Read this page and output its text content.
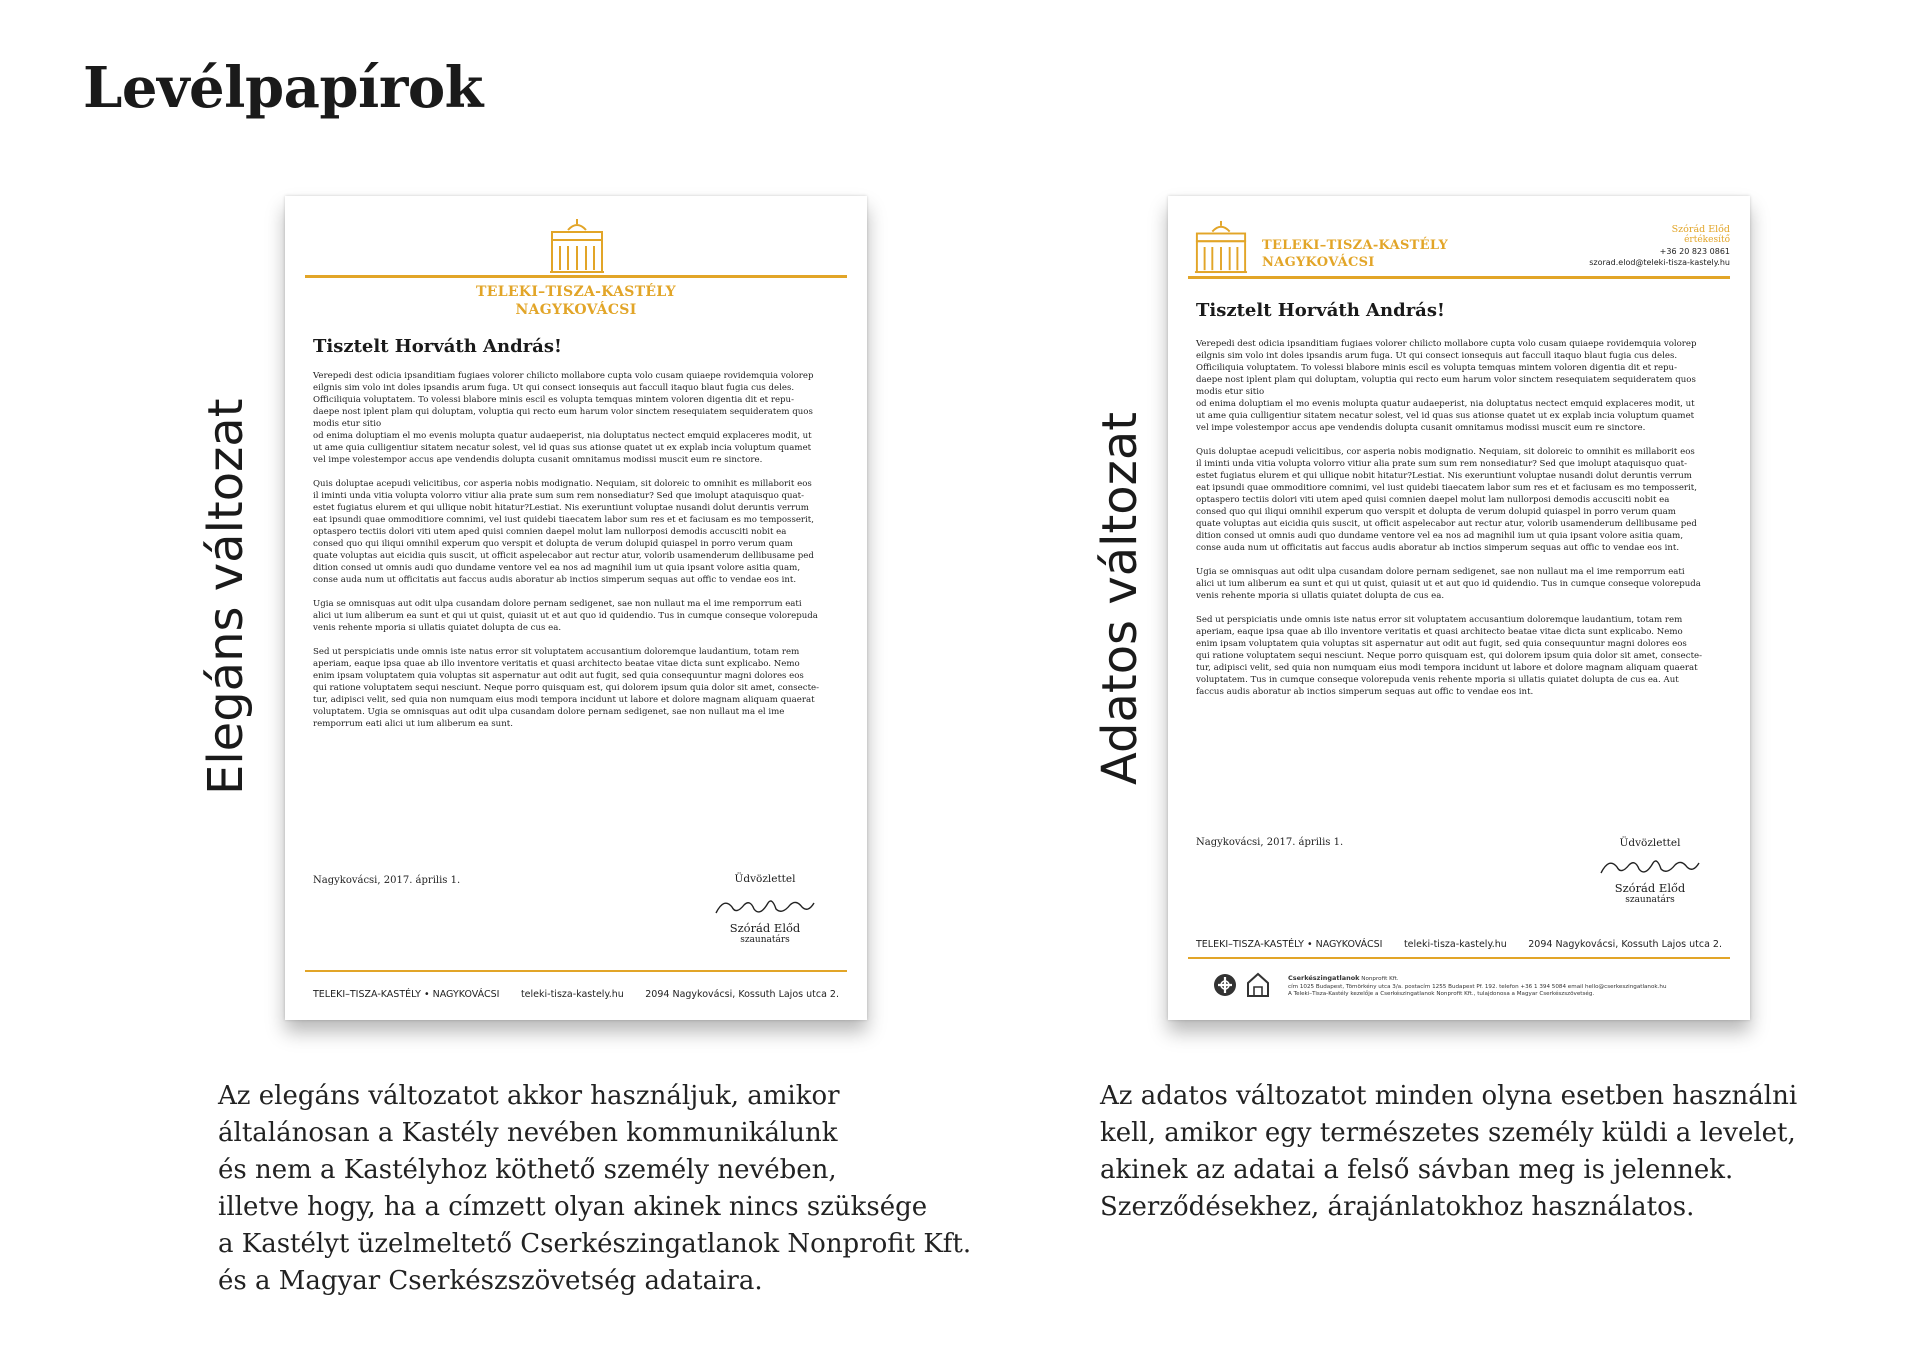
Levélpapírok
Elegáns változat	Adatos változat
TELEKI–TISZA-KASTÉLY
NAGYKOVÁCSI
Tisztelt Horváth András!

Verepedi dest odicia ipsanditiam fugiaes volorer chilicto mollabore cupta volo cusam quiaepe rovidemquia volorep
eilgnis sim volo int doles ipsandis arum fuga. Ut qui consect ionsequis aut faccull itaquo blaut fugia cus deles.
Officiliquia voluptatem. To volessi blabore minis escil es volupta temquas mintem voloren digentia dit et repu-
daepe nost iplent plam qui doluptam, voluptia qui recto eum harum volor sinctem resequiatem sequideratem quos
modis etur sitio
od enima doluptiam el mo evenis molupta quatur audaeperist, nia doluptatus nectect emquid explaceres modit, ut
ut ame quia culligentiur sitatem necatur solest, vel id quas sus ationse quatet ut ex explab incia voluptum quamet
vel impe volestempor accus ape vendendis dolupta cusanit omnitamus modissi muscit eum re sinctore.

Quis doluptae acepudi velicitibus, cor asperia nobis modignatio. Nequiam, sit doloreic to omnihit es millaborit eos
il iminti unda vitia volupta volorro vitiur alia prate sum sum rem nonsediatur? Sed que imolupt ataquisquo quat-
estet fugiatus elurem et qui ullique nobit hitatur?Lestiat. Nis exeruntiunt voluptae nusandi dolut deruntis verrum
eat ipsundi quae ommoditiore comnimi, vel iust quidebi tiaecatem labor sum res et et faciusam es mo temposserit,
optaspero tectiis dolori viti utem aped quisi comnien daepel molut lam nullorposi demodis accusciti nobit ea
consed quo qui iliqui omnihil experum quo verspit et dolupta de verum dolupid quiaspel in porro verum quam
quate voluptas aut eicidia quis suscit, ut officit aspelecabor aut rectur atur, volorib usamenderum dellibusame ped
dition consed ut omnis audi quo dundame ventore vel ea nos ad magnihil ium ut quia ipsant volore asitia quam,
conse auda num ut officitatis aut faccus audis aboratur ab inctios simperum sequas aut offic to vendae eos int.

Ugia se omnisquas aut odit ulpa cusandam dolore pernam sedigenet, sae non nullaut ma el ime remporrum eati
alici ut ium aliberum ea sunt et qui ut quist, quiasit ut et aut quo id quidendio. Tus in cumque conseque volorepuda
venis rehente mporia si ullatis quiatet dolupta de cus ea.

Sed ut perspiciatis unde omnis iste natus error sit voluptatem accusantium doloremque laudantium, totam rem
aperiam, eaque ipsa quae ab illo inventore veritatis et quasi architecto beatae vitae dicta sunt explicabo. Nemo
enim ipsam voluptatem quia voluptas sit aspernatur aut odit aut fugit, sed quia consequuntur magni dolores eos
qui ratione voluptatem sequi nesciunt. Neque porro quisquam est, qui dolorem ipsum quia dolor sit amet, consecte-
tur, adipisci velit, sed quia non numquam eius modi tempora incidunt ut labore et dolore magnam aliquam quaerat
voluptatem. Ugia se omnisquas aut odit ulpa cusandam dolore pernam sedigenet, sae non nullaut ma el ime
remporrum eati alici ut ium aliberum ea sunt.

Nagykovácsi, 2017. április 1.	Üdvözlettel
Szórád Előd
szaunatárs
TELEKI–TISZA-KASTÉLY • NAGYKOVÁCSI teleki-tisza-kastely.hu 2094 Nagykovácsi, Kossuth Lajos utca 2.
TELEKI–TISZA-KASTÉLY
NAGYKOVÁCSI
Szórád Előd
értékesítő
+36 20 823 0861
szorad.elod@teleki-tisza-kastely.hu
Tisztelt Horváth András!

Verepedi dest odicia ipsanditiam fugiaes volorer chilicto mollabore cupta volo cusam quiaepe rovidemquia volorep
eilgnis sim volo int doles ipsandis arum fuga. Ut qui consect ionsequis aut faccull itaquo blaut fugia cus deles.
Officiliquia voluptatem. To volessi blabore minis escil es volupta temquas mintem voloren digentia dit et repu-
daepe nost iplent plam qui doluptam, voluptia qui recto eum harum volor sinctem resequiatem sequideratem quos
modis etur sitio
od enima doluptiam el mo evenis molupta quatur audaeperist, nia doluptatus nectect emquid explaceres modit, ut
ut ame quia culligentiur sitatem necatur solest, vel id quas sus ationse quatet ut ex explab incia voluptum quamet
vel impe volestempor accus ape vendendis dolupta cusanit omnitamus modissi muscit eum re sinctore.

Quis doluptae acepudi velicitibus, cor asperia nobis modignatio. Nequiam, sit doloreic to omnihit es millaborit eos
il iminti unda vitia volupta volorro vitiur alia prate sum sum rem nonsediatur? Sed que imolupt ataquisquo quat-
estet fugiatus elurem et qui ullique nobit hitatur?Lestiat. Nis exeruntiunt voluptae nusandi dolut deruntis verrum
eat ipsundi quae ommoditiore comnimi, vel iust quidebi tiaecatem labor sum res et et faciusam es mo temposserit,
optaspero tectiis dolori viti utem aped quisi comnien daepel molut lam nullorposi demodis accusciti nobit ea
consed quo qui iliqui omnihil experum quo verspit et dolupta de verum dolupid quiaspel in porro verum quam
quate voluptas aut eicidia quis suscit, ut officit aspelecabor aut rectur atur, volorib usamenderum dellibusame ped
dition consed ut omnis audi quo dundame ventore vel ea nos ad magnihil ium ut quia ipsant volore asitia quam,
conse auda num ut officitatis aut faccus audis aboratur ab inctios simperum sequas aut offic to vendae eos int.

Ugia se omnisquas aut odit ulpa cusandam dolore pernam sedigenet, sae non nullaut ma el ime remporrum eati
alici ut ium aliberum ea sunt et qui ut quist, quiasit ut et aut quo id quidendio. Tus in cumque conseque volorepuda
venis rehente mporia si ullatis quiatet dolupta de cus ea.

Sed ut perspiciatis unde omnis iste natus error sit voluptatem accusantium doloremque laudantium, totam rem
aperiam, eaque ipsa quae ab illo inventore veritatis et quasi architecto beatae vitae dicta sunt explicabo. Nemo
enim ipsam voluptatem quia voluptas sit aspernatur aut odit aut fugit, sed quia consequuntur magni dolores eos
qui ratione voluptatem sequi nesciunt. Neque porro quisquam est, qui dolorem ipsum quia dolor sit amet, consecte-
tur, adipisci velit, sed quia non numquam eius modi tempora incidunt ut labore et dolore magnam aliquam quaerat
voluptatem. Tus in cumque conseque volorepuda venis rehente mporia si ullatis quiatet dolupta de cus ea. Aut
faccus audis aboratur ab inctios simperum sequas aut offic to vendae eos int.

Nagykovácsi, 2017. április 1.	Üdvözlettel
Szórád Előd
szaunatárs
TELEKI–TISZA-KASTÉLY • NAGYKOVÁCSI teleki-tisza-kastely.hu 2094 Nagykovácsi, Kossuth Lajos utca 2.
Cserkészingatlanok Nonprofit Kft.
cím 1025 Budapest, Tömörkény utca 3/a. postacím 1255 Budapest Pf. 192. telefon +36 1 394 5084 email hello@cserkeszingatlanok.hu
A Teleki–Tisza-Kastély kezelője a Cserkészingatlanok Nonprofit Kft., tulajdonosa a Magyar Cserkészszövetség.
Az elegáns változatot akkor használjuk, amikor
általánosan a Kastély nevében kommunikálunk
és nem a Kastélyhoz köthető személy nevében,
illetve hogy, ha a címzett olyan akinek nincs szüksége
a Kastélyt üzelmeltető Cserkészingatlanok Nonprofit Kft.
és a Magyar Cserkészszövetség adataira.
Az adatos változatot minden olyna esetben használni
kell, amikor egy természetes személy küldi a levelet,
akinek az adatai a felső sávban meg is jelennek.
Szerződésekhez, árajánlatokhoz használatos.
